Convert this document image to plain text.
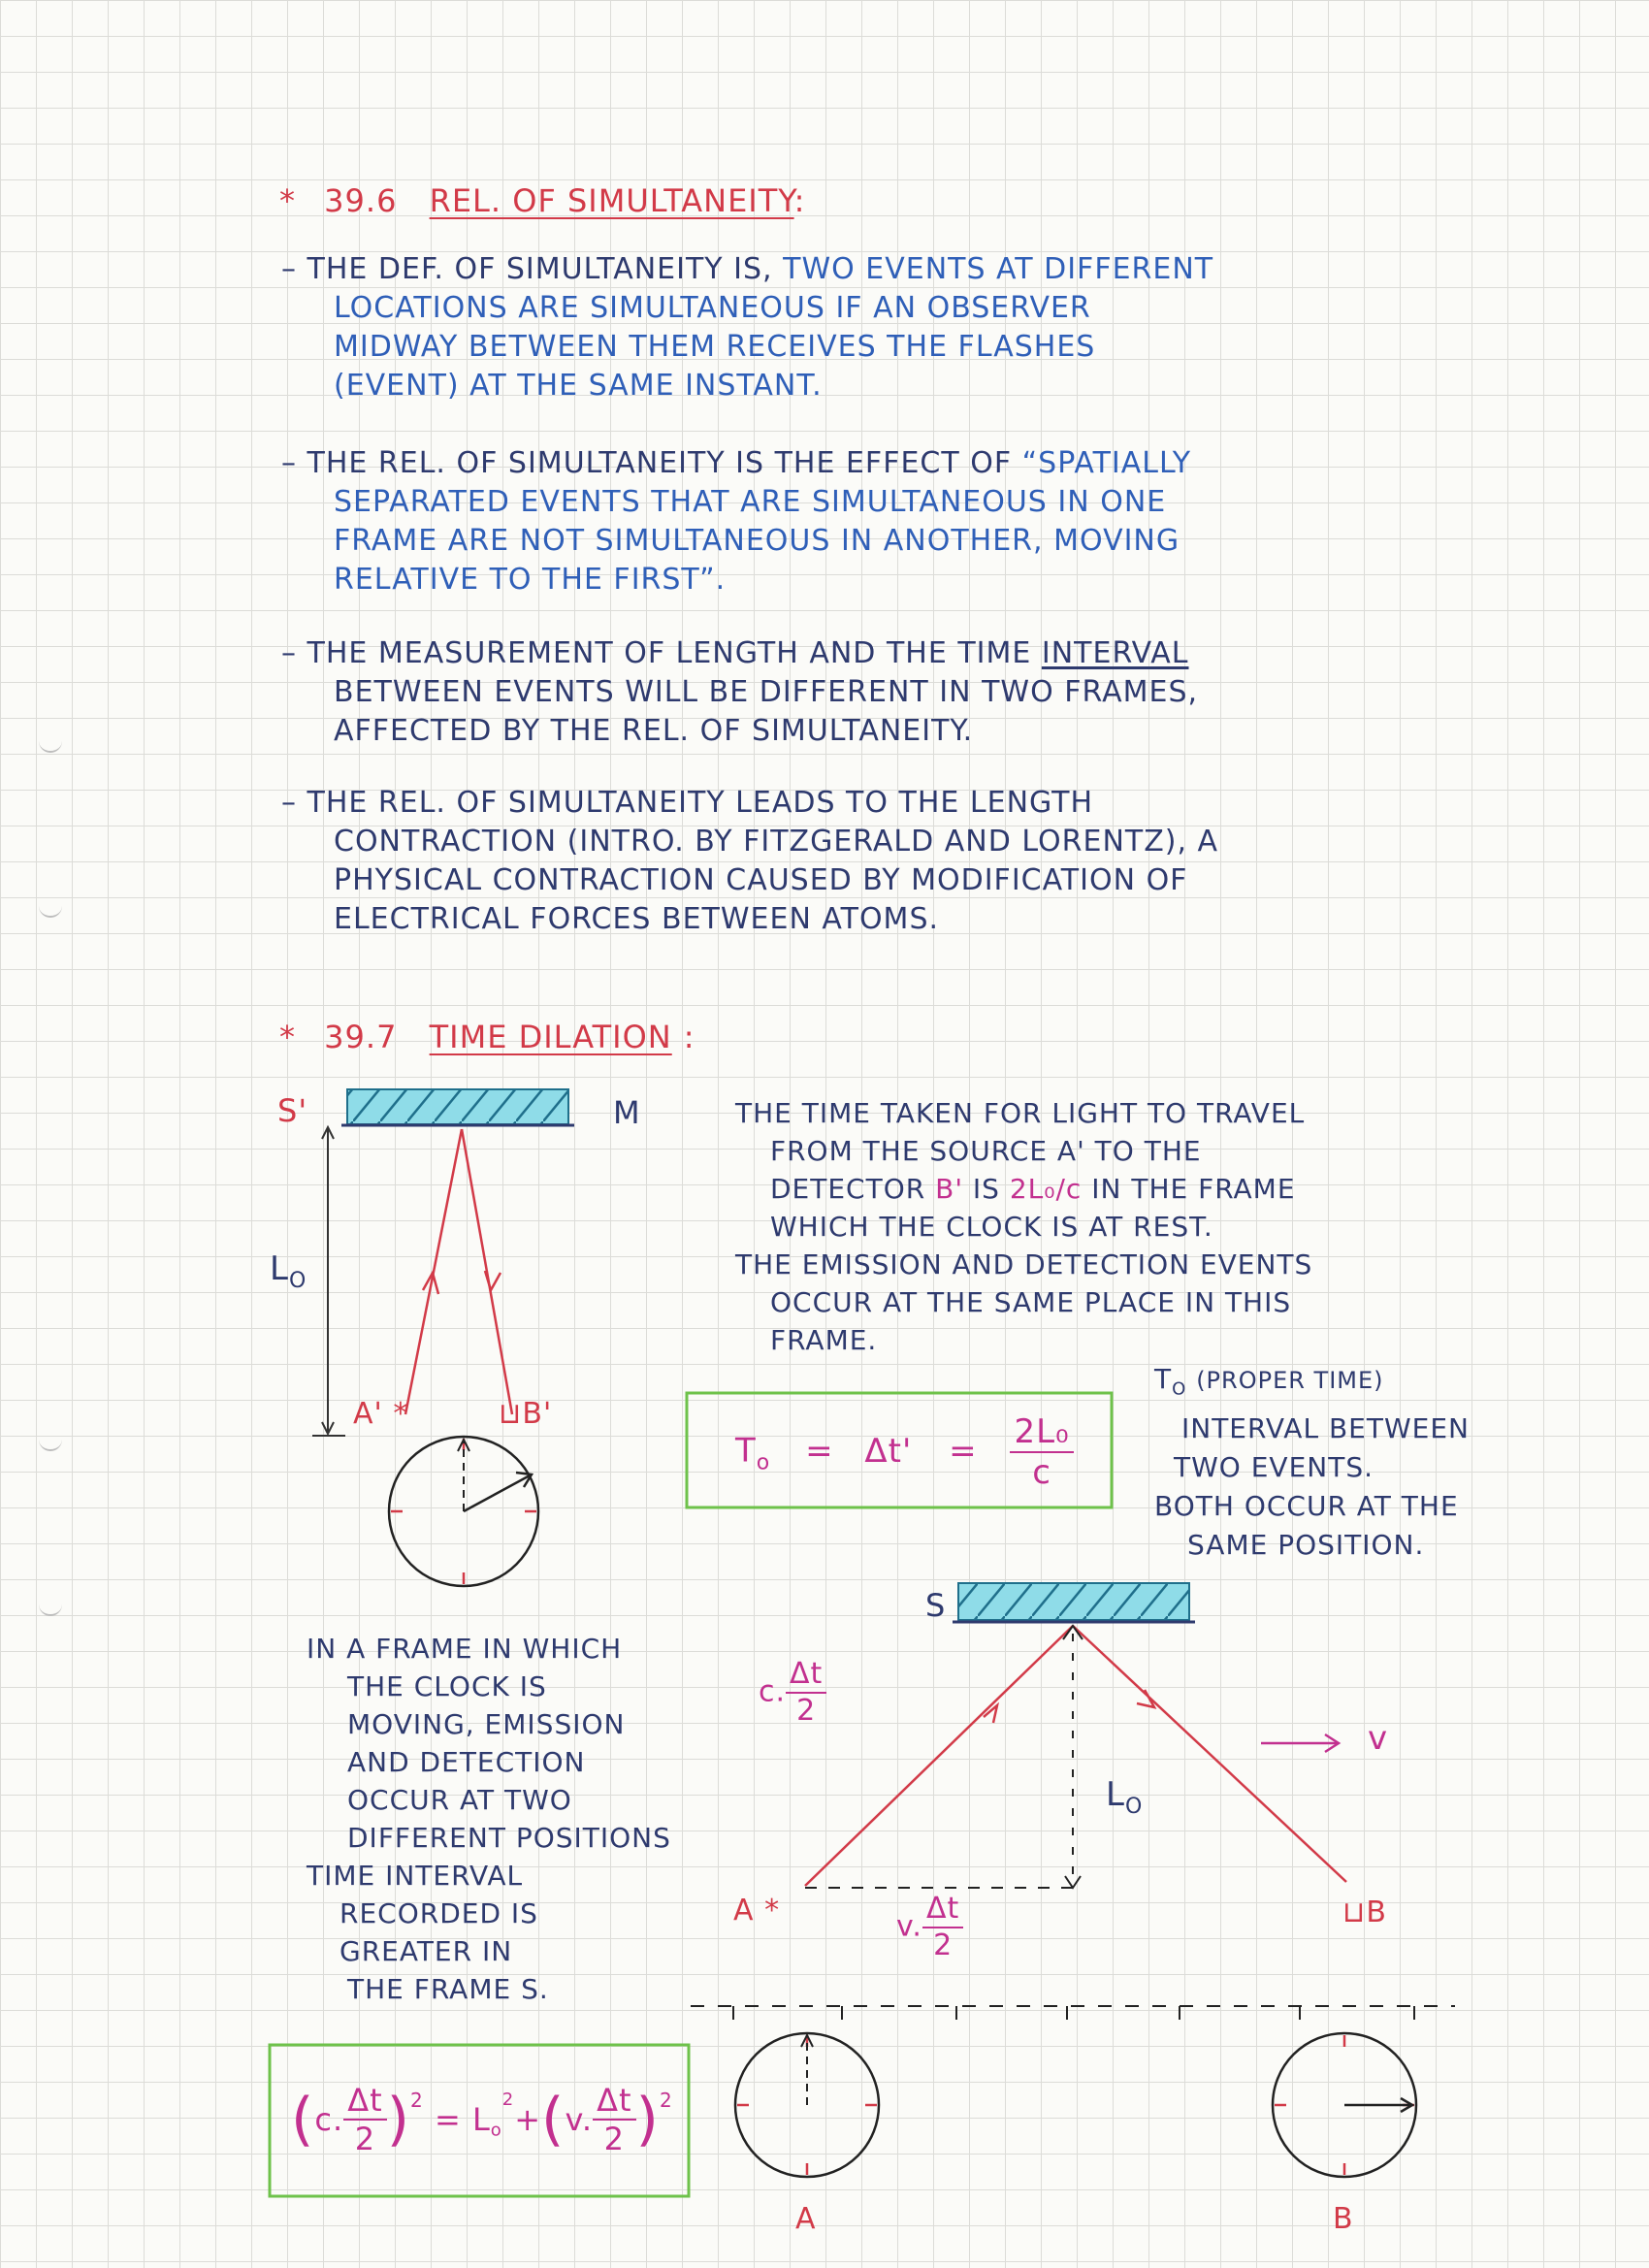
* 39.6 REL. OF SIMULTANEITY:
– THE DEF. OF SIMULTANEITY IS, TWO EVENTS AT DIFFERENT
LOCATIONS ARE SIMULTANEOUS IF AN OBSERVER
MIDWAY BETWEEN THEM RECEIVES THE FLASHES
(EVENT) AT THE SAME INSTANT.
– THE REL. OF SIMULTANEITY IS THE EFFECT OF “SPATIALLY
SEPARATED EVENTS THAT ARE SIMULTANEOUS IN ONE
FRAME ARE NOT SIMULTANEOUS IN ANOTHER, MOVING
RELATIVE TO THE FIRST”.
– THE MEASUREMENT OF LENGTH AND THE TIME INTERVAL
BETWEEN EVENTS WILL BE DIFFERENT IN TWO FRAMES,
AFFECTED BY THE REL. OF SIMULTANEITY.
– THE REL. OF SIMULTANEITY LEADS TO THE LENGTH
CONTRACTION (INTRO. BY FITZGERALD AND LORENTZ), A
PHYSICAL CONTRACTION CAUSED BY MODIFICATION OF
ELECTRICAL FORCES BETWEEN ATOMS.
* 39.7 TIME DILATION :
S'	M
$L_O$
A' *	⊔B'
THE TIME TAKEN FOR LIGHT TO TRAVEL
FROM THE SOURCE A' TO THE
DETECTOR B' IS 2L₀/c IN THE FRAME
WHICH THE CLOCK IS AT REST.
THE EMISSION AND DETECTION EVENTS
OCCUR AT THE SAME PLACE IN THIS
FRAME.
$T_o = \Delta t' = \frac{\text{2L₀}}{c}$
$T_O$ (PROPER TIME)
INTERVAL BETWEEN
TWO EVENTS.
BOTH OCCUR AT THE
SAME POSITION.
S
c. $\frac{\Delta t}{2}$
v
$L_O$
A *	v. $\frac{\Delta t}{2}$	⊔B
A	B
IN A FRAME IN WHICH
THE CLOCK IS
MOVING, EMISSION
AND DETECTION
OCCUR AT TWO
DIFFERENT POSITIONS
TIME INTERVAL
RECORDED IS
GREATER IN
THE FRAME S.
(c. $\frac{\Delta t}{2} )^2 = L_o^2+(v$. $\frac{\Delta t}{2} )^2$
